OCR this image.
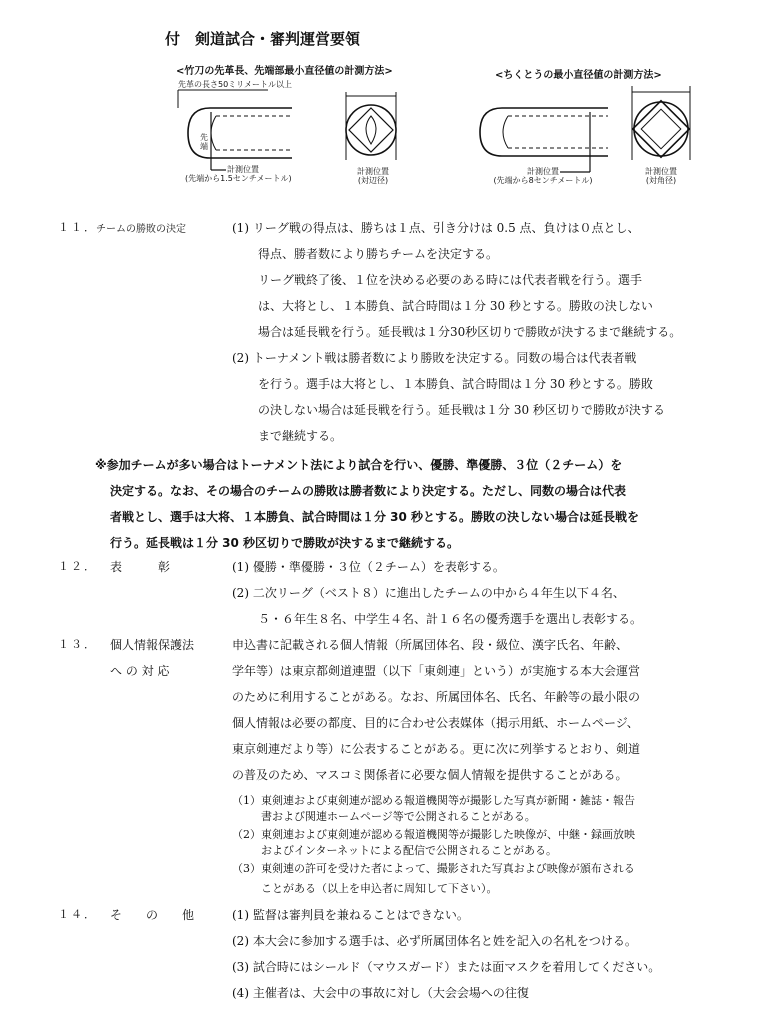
付　剣道試合・審判運営要領
<竹刀の先革長、先端部最小直径値の計測方法>	<ちくとうの最小直径値の計測方法>
先革の長さ50ミリメートル以上
先端
計測位置
(先端から1.5センチメートル)
計測位置
(対辺径)
計測位置
(先端から8センチメートル)
計測位置
(対角径)
１１． チームの勝敗の決定	(1) リーグ戦の得点は、勝ちは１点、引き分けは 0.5 点、負けは０点とし、
得点、勝者数により勝ちチームを決定する。
リーグ戦終了後、１位を決める必要のある時には代表者戦を行う。選手
は、大将とし、１本勝負、試合時間は１分 30 秒とする。勝敗の決しない
場合は延長戦を行う。延長戦は１分30秒区切りで勝敗が決するまで継続する。
(2) トーナメント戦は勝者数により勝敗を決定する。同数の場合は代表者戦
を行う。選手は大将とし、１本勝負、試合時間は１分 30 秒とする。勝敗
の決しない場合は延長戦を行う。延長戦は１分 30 秒区切りで勝敗が決する
まで継続する。
※参加チームが多い場合はトーナメント法により試合を行い、優勝、準優勝、３位（２チーム）を
決定する。なお、その場合のチームの勝敗は勝者数により決定する。ただし、同数の場合は代表
者戦とし、選手は大将、１本勝負、試合時間は１分 30 秒とする。勝敗の決しない場合は延長戦を
行う。延長戦は１分 30 秒区切りで勝敗が決するまで継続する。
１２． 表　　　彰	(1) 優勝・準優勝・３位（２チーム）を表彰する。
(2) 二次リーグ（ベスト８）に進出したチームの中から４年生以下４名、
５・６年生８名、中学生４名、計１６名の優秀選手を選出し表彰する。
１３． 個人情報保護法
へ の 対 応
申込書に記載される個人情報（所属団体名、段・級位、漢字氏名、年齢、
学年等）は東京都剣道連盟（以下「東剣連」という）が実施する本大会運営
のために利用することがある。なお、所属団体名、氏名、年齢等の最小限の
個人情報は必要の都度、目的に合わせ公表媒体（掲示用紙、ホームページ、
東京剣連だより等）に公表することがある。更に次に列挙するとおり、剣道
の普及のため、マスコミ関係者に必要な個人情報を提供することがある。
（1）東剣連および東剣連が認める報道機関等が撮影した写真が新聞・雑誌・報告
書および関連ホームページ等で公開されることがある。
（2）東剣連および東剣連が認める報道機関等が撮影した映像が、中継・録画放映
およびインターネットによる配信で公開されることがある。
（3）東剣連の許可を受けた者によって、撮影された写真および映像が頒布される
ことがある（以上を申込者に周知して下さい）。
１４． そ　　の　　他	(1) 監督は審判員を兼ねることはできない。
(2) 本大会に参加する選手は、必ず所属団体名と姓を記入の名札をつける。
(3) 試合時にはシールド（マウスガード）または面マスクを着用してください。
(4) 主催者は、大会中の事故に対し（大会会場への往復
